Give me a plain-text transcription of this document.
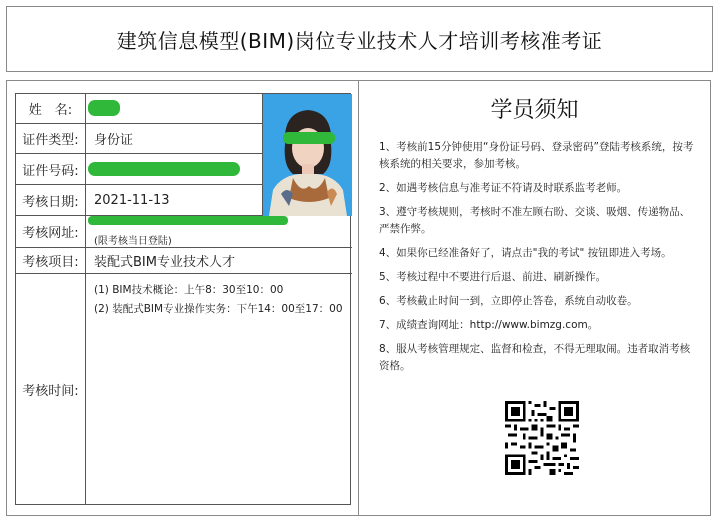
建筑信息模型(BIM)岗位专业技术人才培训考核准考证
姓　名:
证件类型:	身份证
证件号码:
考核日期:	2021-11-13
考核网址:
(限考核当日登陆)
考核项目:	装配式BIM专业技术人才
考核时间:
(1) BIM技术概论：上午8：30至10：00
(2) 装配式BIM专业操作实务：下午14：00至17：00
学员须知
1、考核前15分钟使用“身份证号码、登录密码”登陆考核系统，按考核系统的相关要求，参加考核。
2、如遇考核信息与准考证不符请及时联系监考老师。
3、遵守考核规则，考核时不准左顾右盼、交谈、吸烟、传递物品、严禁作弊。
4、如果你已经准备好了，请点击"我的考试" 按钮即进入考场。
5、考核过程中不要进行后退、前进、刷新操作。
6、考核截止时间一到，立即停止答卷，系统自动收卷。
7、成绩查询网址：http://www.bimzg.com。
8、服从考核管理规定、监督和检查，不得无理取闹。违者取消考核资格。
